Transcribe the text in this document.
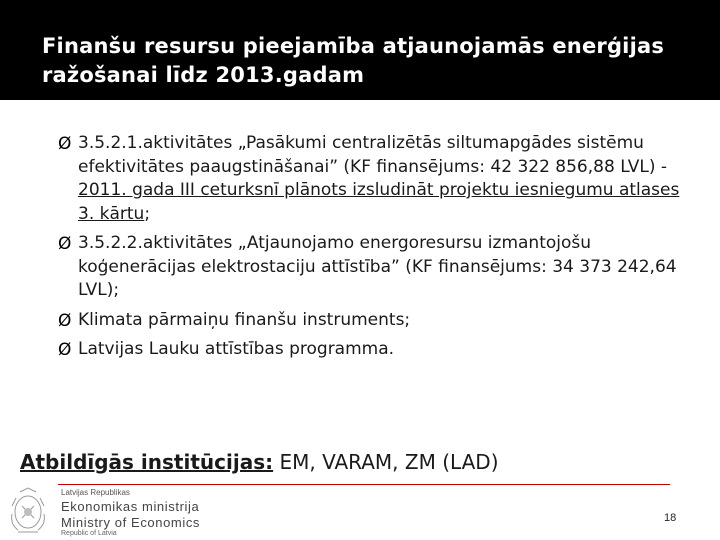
Finanšu resursu pieejamība atjaunojamās enerģijas ražošanai līdz 2013.gadam
Ø 3.5.2.1.aktivitātes „Pasākumi centralizētās siltumapgādes sistēmu efektivitātes paaugstināšanai” (KF finansējums: 42 322 856,88 LVL) - 2011. gada III ceturksnī plānots izsludināt projektu iesniegumu atlases 3. kārtu;
Ø 3.5.2.2.aktivitātes „Atjaunojamo energoresursu izmantojošu koģenerācijas elektrostaciju attīstība” (KF finansējums: 34 373 242,64 LVL);
Ø Klimata pārmaiņu finanšu instruments;
Ø Latvijas Lauku attīstības programma.
Atbildīgās institūcijas: EM, VARAM, ZM (LAD)
Latvijas Republikas
Ekonomikas ministrija
Ministry of Economics
Republic of Latvia
18
